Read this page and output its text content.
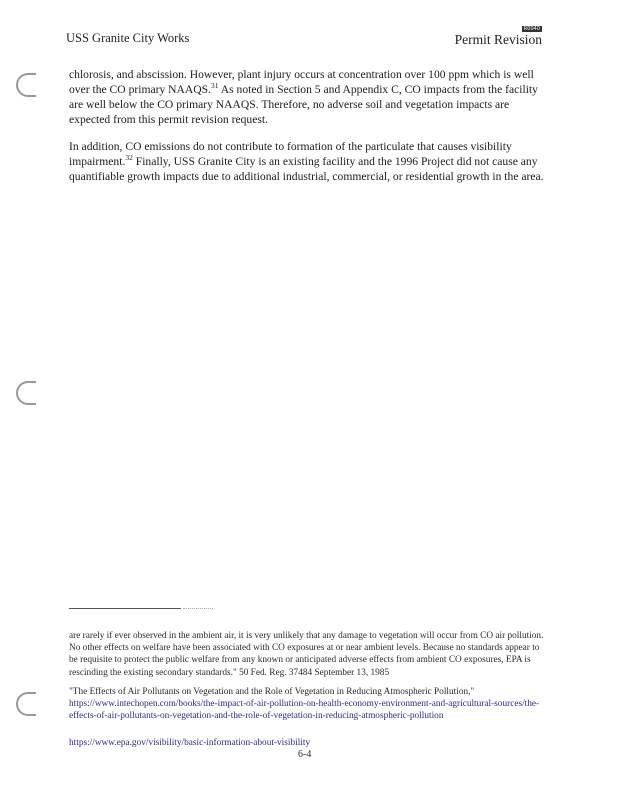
USS Granite City Works
R0040
Permit Revision

chlorosis, and abscission. However, plant injury occurs at concentration over 100 ppm which is well over the CO primary NAAQS.$^{31}$ As noted in Section 5 and Appendix C, CO impacts from the facility are well below the CO primary NAAQS. Therefore, no adverse soil and vegetation impacts are expected from this permit revision request.

In addition, CO emissions do not contribute to formation of the particulate that causes visibility impairment.$^{32}$ Finally, USS Granite City is an existing facility and the 1996 Project did not cause any quantifiable growth impacts due to additional industrial, commercial, or residential growth in the area.

are rarely if ever observed in the ambient air, it is very unlikely that any damage to vegetation will occur from CO air pollution. No other effects on welfare have been associated with CO exposures at or near ambient levels. Because no standards appear to be requisite to protect the public welfare from any known or anticipated adverse effects from ambient CO exposures, EPA is rescinding the existing secondary standards." 50 Fed. Reg. 37484 September 13, 1985

"The Effects of Air Pollutants on Vegetation and the Role of Vegetation in Reducing Atmospheric Pollution," https://www.intechopen.com/books/the-impact-of-air-pollution-on-health-economy-environment-and-agricultural-sources/the-effects-of-air-pollutants-on-vegetation-and-the-role-of-vegetation-in-reducing-atmospheric-pollution

https://www.epa.gov/visibility/basic-information-about-visibility

6-4
